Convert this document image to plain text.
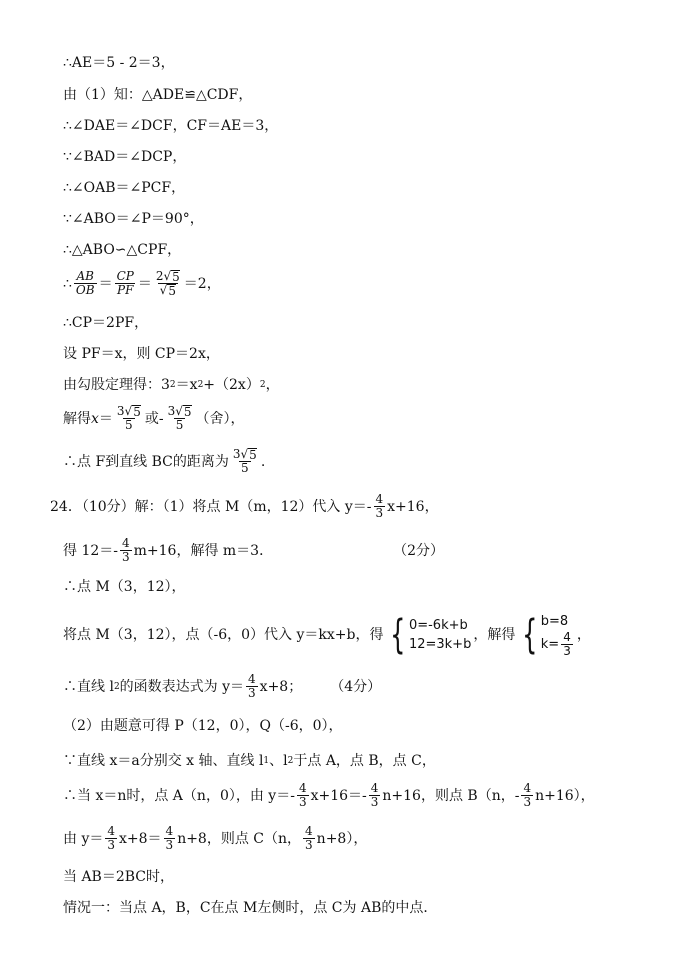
∴AE＝5 - 2＝3，
由（1）知：△ADE≌△CDF，
∴∠DAE＝∠DCF，CF＝AE＝3，
∵∠BAD＝∠DCP，
∴∠OAB＝∠PCF，
∵∠ABO＝∠P＝90°，
∴△ABO∽△CPF，
∴ $\frac{AB}{OB} = \frac{CP}{PF} = \frac{2√ 5}{√ 5} =2$，
∴CP＝2PF，
设 PF＝x，则 CP＝2x，
由勾股定理得：3 2 ＝x 2 +（2x） 2 ，
解得 $x = \frac{3√ 5}{5}$ 或- $\frac{3√ 5}{5}$ （舍），
∴点 F到直线 BC的距离为 $\frac{3√ 5}{5}$ .
24．（10分）解：（1）将点 M（m，12）代入 $y=- \frac{4}{3} x+16$，
得 $12=- \frac{4}{3} m+16$，解得 m＝3．	（2分）
∴点 M（3，12），
将点 M（3，12），点（-6，0）代入 y＝kx+b，得 { 0=-6k+b
12=3k+b
，解得 { b=8
$k= \frac{4}{3}$ ，
∴直线 l 2 的函数表达式为 $y= \frac{4}{3} x+8$； （4分）
（2）由题意可得 P（12，0），Q（-6，0），
∵直线 x＝a分别交 x 轴、直线 l 1 、l 2 于点 A，点 B，点 C，
∴当 x＝n时，点 A（n，0），由 $y=- \frac{4}{3} x+16=- \frac{4}{3} n+16$，则点 B（n，- $\frac{4}{3} n+16$），
由 $y= \frac{4}{3} x+8= \frac{4}{3} n+8$，则点 C（n， $\frac{4}{3} n+8$），
当 AB＝2BC时，
情况一：当点 A，B，C在点 M左侧时，点 C为 AB的中点．
